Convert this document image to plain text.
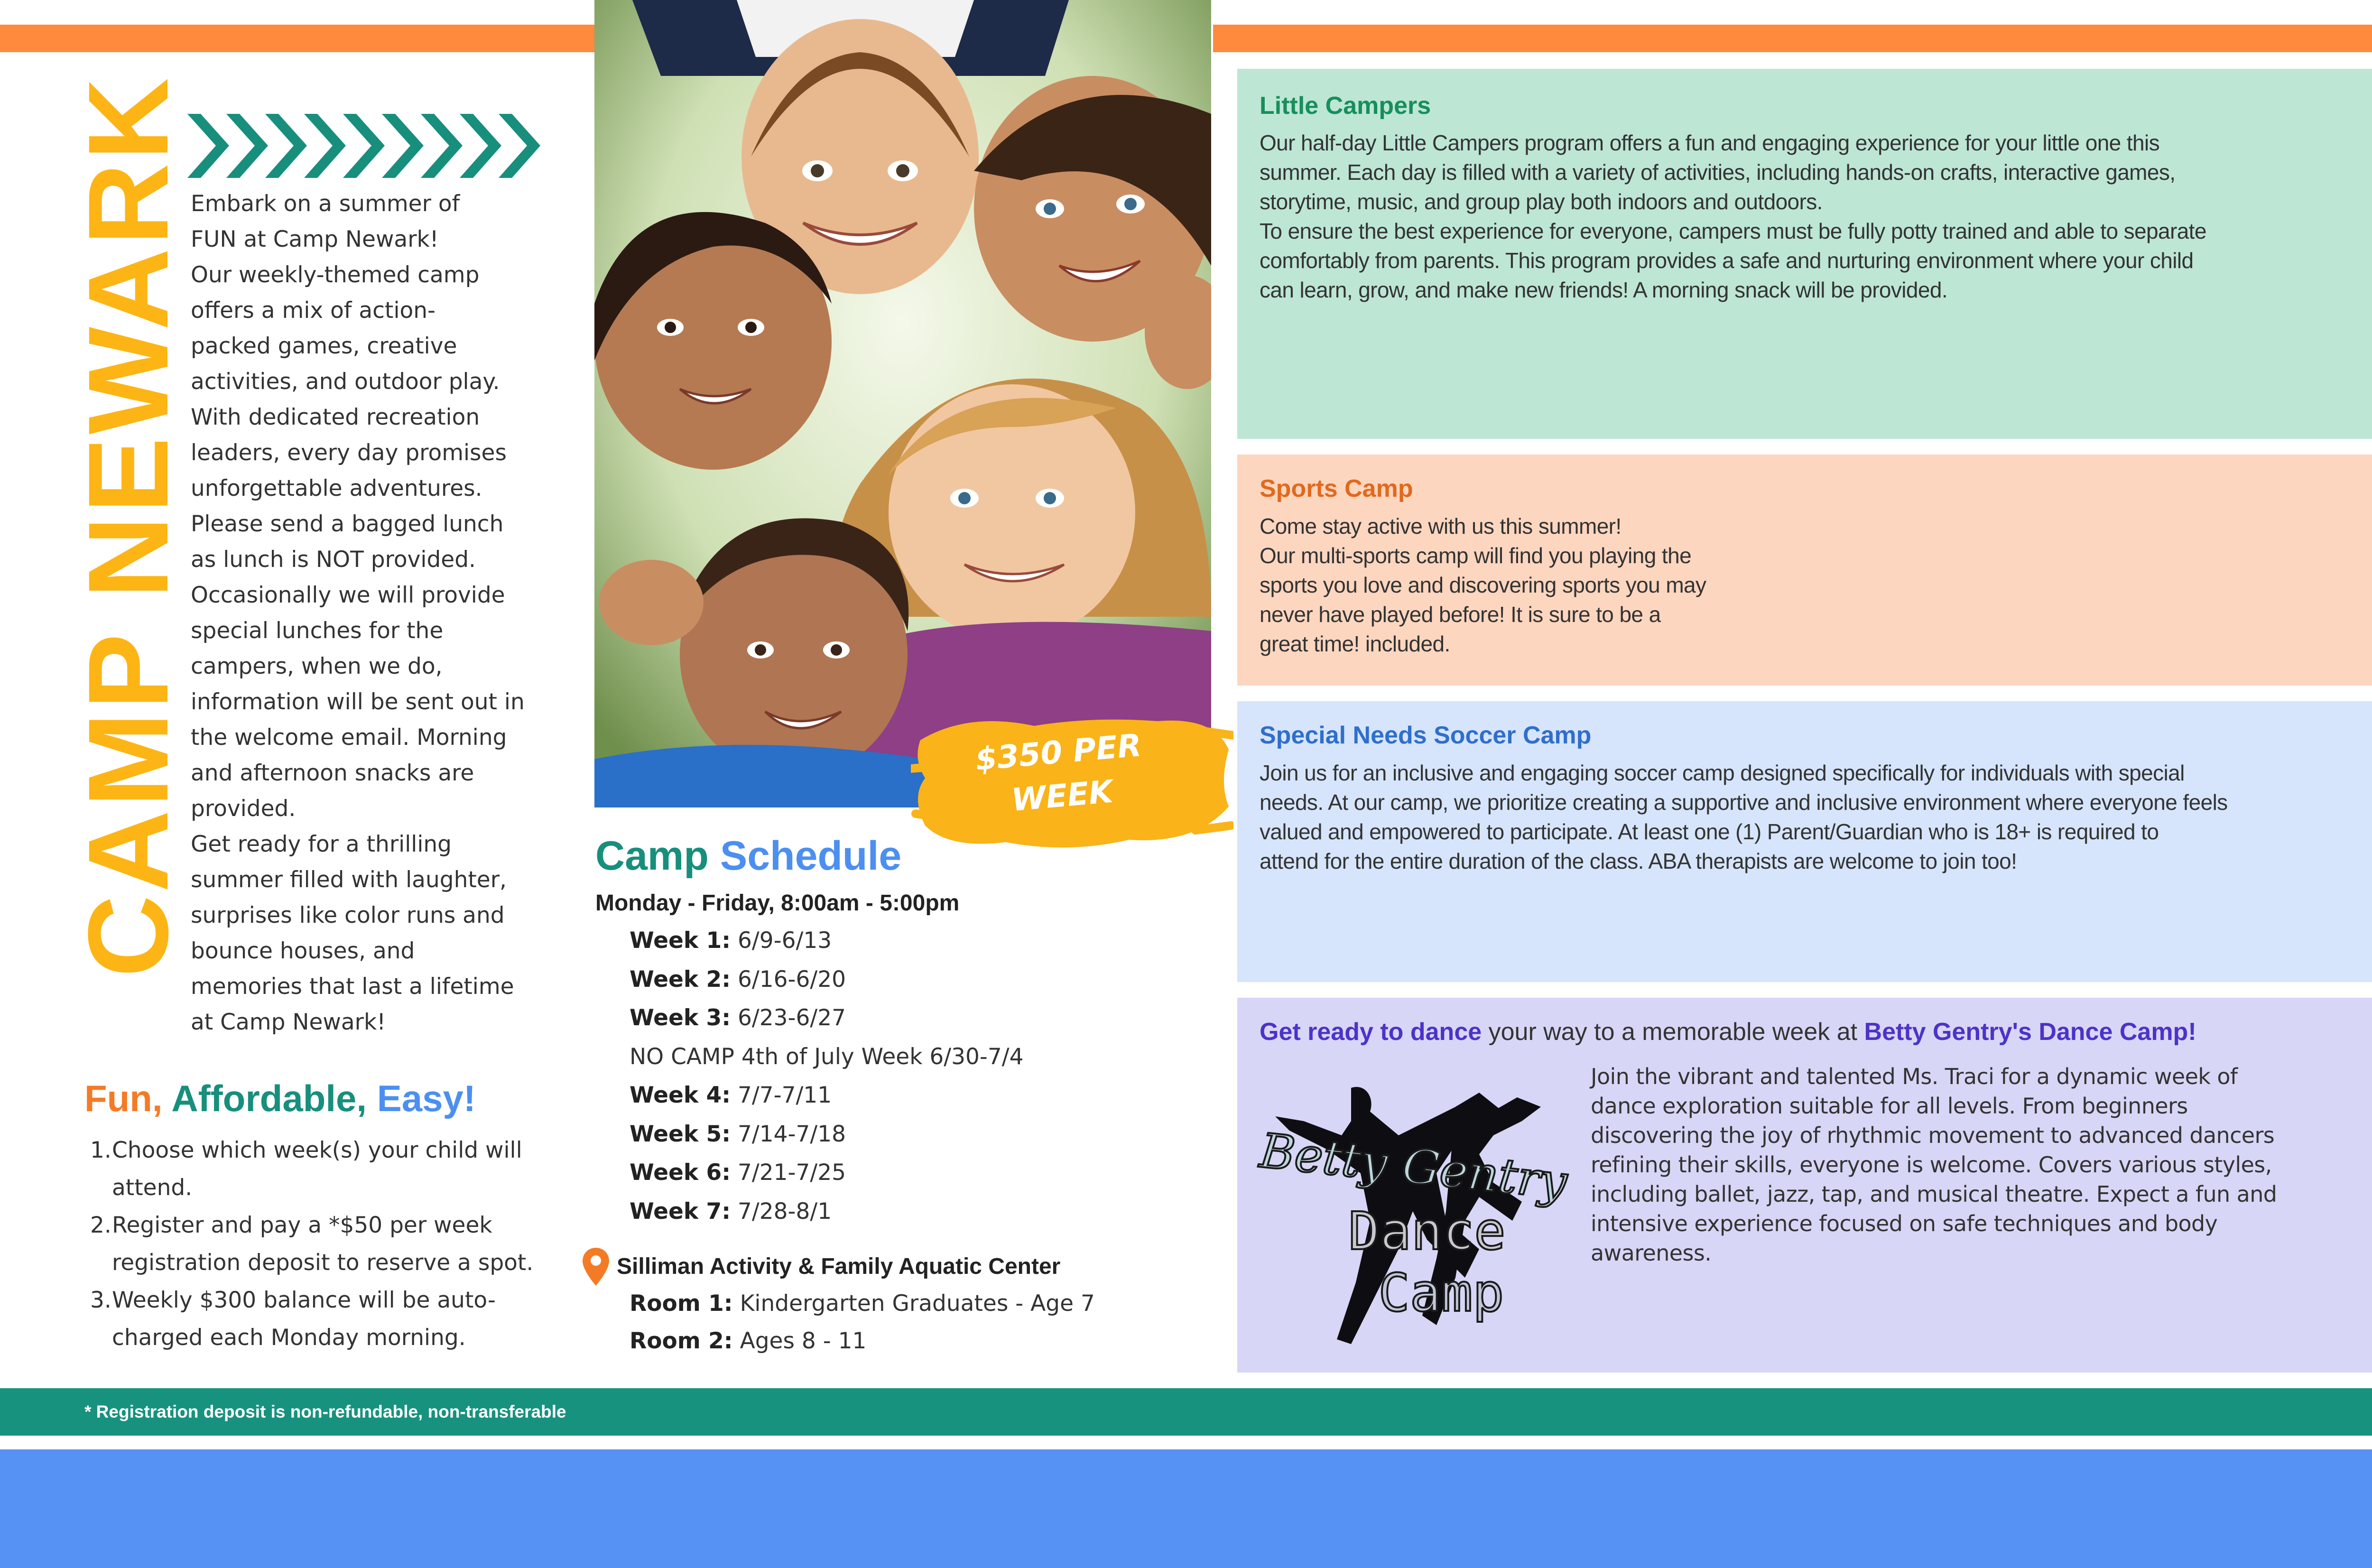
CAMP NEWARK
Embark on a summer of
FUN at Camp Newark!
Our weekly-themed camp
offers a mix of action-
packed games, creative
activities, and outdoor play.
With dedicated recreation
leaders, every day promises
unforgettable adventures.
Please send a bagged lunch
as lunch is NOT provided.
Occasionally we will provide
special lunches for the
campers, when we do,
information will be sent out in
the welcome email. Morning
and afternoon snacks are
provided.
Get ready for a thrilling
summer filled with laughter,
surprises like color runs and
bounce houses, and
memories that last a lifetime
at Camp Newark!
Fun, Affordable, Easy!
1. Choose which week(s) your child will
attend.
2. Register and pay a *$50 per week
registration deposit to reserve a spot.
3. Weekly $300 balance will be auto-
charged each Monday morning.
$350 PER
WEEK
Camp Schedule
Monday - Friday, 8:00am - 5:00pm
Week 1: 6/9-6/13
Week 2: 6/16-6/20
Week 3: 6/23-6/27
NO CAMP 4th of July Week 6/30-7/4
Week 4: 7/7-7/11
Week 5: 7/14-7/18
Week 6: 7/21-7/25
Week 7: 7/28-8/1
Silliman Activity & Family Aquatic Center
Room 1: Kindergarten Graduates - Age 7
Room 2: Ages 8 - 11
Little Campers

Our half-day Little Campers program offers a fun and engaging experience for your little one this
summer. Each day is filled with a variety of activities, including hands-on crafts, interactive games,
storytime, music, and group play both indoors and outdoors.
To ensure the best experience for everyone, campers must be fully potty trained and able to separate
comfortably from parents. This program provides a safe and nurturing environment where your child
can learn, grow, and make new friends! A morning snack will be provided.

Sports Camp

Come stay active with us this summer!
Our multi-sports camp will find you playing the
sports you love and discovering sports you may
never have played before! It is sure to be a
great time! included.

Special Needs Soccer Camp

Join us for an inclusive and engaging soccer camp designed specifically for individuals with special
needs. At our camp, we prioritize creating a supportive and inclusive environment where everyone feels
valued and empowered to participate. At least one (1) Parent/Guardian who is 18+ is required to
attend for the entire duration of the class. ABA therapists are welcome to join too!

Get ready to dance your way to a memorable week at Betty Gentry's Dance Camp!
Betty Gentry
Dance
Camp

Join the vibrant and talented Ms. Traci for a dynamic week of
dance exploration suitable for all levels. From beginners
discovering the joy of rhythmic movement to advanced dancers
refining their skills, everyone is welcome. Covers various styles,
including ballet, jazz, tap, and musical theatre. Expect a fun and
intensive experience focused on safe techniques and body
awareness.

* Registration deposit is non-refundable, non-transferable
